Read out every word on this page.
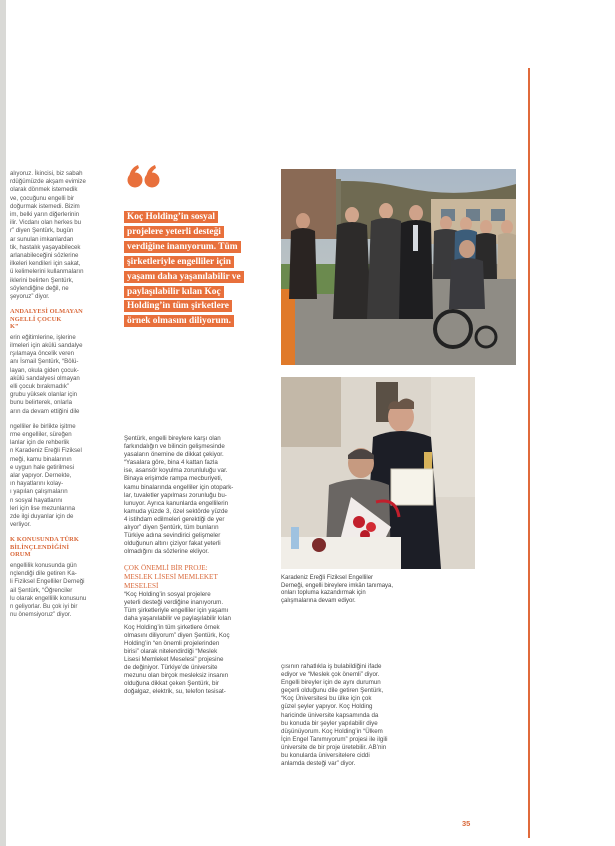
alıyoruz. İkincisi, biz sabah
rdüğümüzde akşam evimize
olarak dönmek istemedik
ve, çocuğunu engelli bir
doğurmak istemedi. Bizim
im, belki yarın diğerlerinin
ilir. Vicdanı olan herkes bu
r” diyen Şentürk, bugün
ar sunulan imkanlardan
tik, hastalık yaşayabilecek
arlanabileceğini sözlerine
ilkeleri kendileri için sakat,
ü kelimelerini kullanmaların
iklerini belirten Şentürk,
söylendiğine değil, ne
şeyoruz” diyor.

ANDALYESİ OLMAYAN
NGELLİ ÇOCUK
K”

erin eğitimlerine, işlerine
ilmeleri için akülü sandalye
rşılamaya öncelik veren
anı İsmail Şentürk, “Bölü-
layan, okula giden çocuk-
akülü sandalyesi olmayan
elli çocuk bırakmadık”
grubu yüksek olanlar için
bunu belirterek, onlarla
arın da devam ettiğini dile

ngelliler ile birlikte işitme
rme engelliler, süreğen
lanlar için de rehberlik
n Karadeniz Ereğli Fiziksel
meği, kamu binalarının
e uygun hale getirilmesi
alar yapıyor. Dernekte,
ın hayatlarını kolay-
ı yapılan çalışmaların
n sosyal hayatlarını
leri için lise mezunlarına
zde ilgi duyanlar için de
verliyor.

K KONUSUNDA TÜRK
BİLİNÇLENDİĞİNİ
ORUM

engellilik konusunda gün
nçlendiği dile getiren Ka-
li Fiziksel Engelliler Derneği
ail Şentürk, “Öğrenciler
lu olarak engellilik konusunu
n geliyorlar. Bu çok iyi bir
nu önemsiyoruz” diyor.

Koç Holding’in sosyal projelere yeterli desteği verdiğine inanıyorum. Tüm şirketleriyle engelliler için yaşamı daha yaşanılabilir ve paylaşılabilir kılan Koç Holding’in tüm şirketlere örnek olmasını diliyorum.
Karadeniz Ereğli Fiziksel Engelliler
Derneği, engelli bireylere imkân tanımaya,
onları topluma kazandırmak için
çalışmalarına devam ediyor.

Şentürk, engelli bireylere karşı olan
farkındalığın ve bilincin gelişmesinde
yasaların önemine de dikkat çekiyor.
“Yasalara göre, bina 4 kattan fazla
ise, asansör koyulma zorunluluğu var.
Binaya erişimde rampa mecburiyeti,
kamu binalarında engelliler için otopark-
lar, tuvaletler yapılması zorunluğu bu-
lunuyor. Ayrıca kanunlarda engellilerin
kamuda yüzde 3, özel sektörde yüzde
4 istihdam edilmeleri gerektiği de yer
alıyor” diyen Şentürk, tüm bunların
Türkiye adına sevindirici gelişmeler
olduğunun altını çiziyor fakat yeterli
olmadığını da sözlerine ekliyor.

ÇOK ÖNEMLİ BİR PROJE:
MESLEK LİSESİ MEMLEKET
MESELESİ

“Koç Holding’in sosyal projelere
yeterli desteği verdiğine inanıyorum.
Tüm şirketleriyle engelliler için yaşamı
daha yaşanılabilir ve paylaşılabilir kılan
Koç Holding’in tüm şirketlere örnek
olmasını diliyorum” diyen Şentürk, Koç
Holding’in “en önemli projelerinden
birisi” olarak nitelendirdiği “Meslek
Lisesi Memleket Meselesi” projesine
de değiniyor. Türkiye’de üniversite
mezunu olan birçok mesleksiz insanın
olduğuna dikkat çeken Şentürk, bir
doğalgaz, elektrik, su, telefon tesisat-

çısının rahatlıkla iş bulabildiğini ifade
ediyor ve “Meslek çok önemli” diyor.
Engelli bireyler için de aynı durumun
geçerli olduğunu dile getiren Şentürk,
“Koç Üniversitesi bu ülke için çok
güzel şeyler yapıyor. Koç Holding
haricinde üniversite kapsamında da
bu konuda bir şeyler yapılabilir diye
düşünüyorum. Koç Holding’in “Ülkem
İçin Engel Tanımıyorum” projesi ile ilgili
üniversite de bir proje üretebilir. AB’nin
bu konularda üniversitelere ciddi
anlamda desteği var” diyor.
35
